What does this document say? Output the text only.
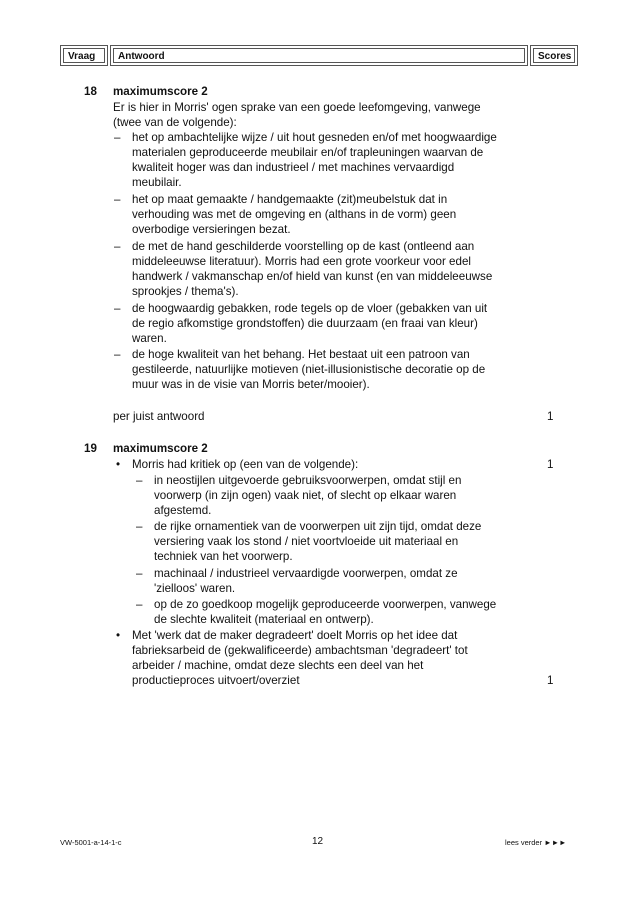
Vraag	Antwoord	Scores
18 maximumscore 2
Er is hier in Morris' ogen sprake van een goede leefomgeving, vanwege
(twee van de volgende):
– het op ambachtelijke wijze / uit hout gesneden en/of met hoogwaardige
materialen geproduceerde meubilair en/of trapleuningen waarvan de
kwaliteit hoger was dan industrieel / met machines vervaardigd
meubilair.
– het op maat gemaakte / handgemaakte (zit)meubelstuk dat in
verhouding was met de omgeving en (althans in de vorm) geen
overbodige versieringen bezat.
– de met de hand geschilderde voorstelling op de kast (ontleend aan
middeleeuwse literatuur). Morris had een grote voorkeur voor edel
handwerk / vakmanschap en/of hield van kunst (en van middeleeuwse
sprookjes / thema's).
– de hoogwaardig gebakken, rode tegels op de vloer (gebakken van uit
de regio afkomstige grondstoffen) die duurzaam (en fraai van kleur)
waren.
– de hoge kwaliteit van het behang. Het bestaat uit een patroon van
gestileerde, natuurlijke motieven (niet-illusionistische decoratie op de
muur was in de visie van Morris beter/mooier).
per juist antwoord	1
19 maximumscore 2
• Morris had kritiek op (een van de volgende):	1
– in neostijlen uitgevoerde gebruiksvoorwerpen, omdat stijl en
voorwerp (in zijn ogen) vaak niet, of slecht op elkaar waren
afgestemd.
– de rijke ornamentiek van de voorwerpen uit zijn tijd, omdat deze
versiering vaak los stond / niet voortvloeide uit materiaal en
techniek van het voorwerp.
– machinaal / industrieel vervaardigde voorwerpen, omdat ze
'zielloos' waren.
– op de zo goedkoop mogelijk geproduceerde voorwerpen, vanwege
de slechte kwaliteit (materiaal en ontwerp).
• Met 'werk dat de maker degradeert' doelt Morris op het idee dat
fabrieksarbeid de (gekwalificeerde) ambachtsman 'degradeert' tot
arbeider / machine, omdat deze slechts een deel van het
productieproces uitvoert/overziet	1
VW-5001-a-14-1-c	12	lees verder ►►►
